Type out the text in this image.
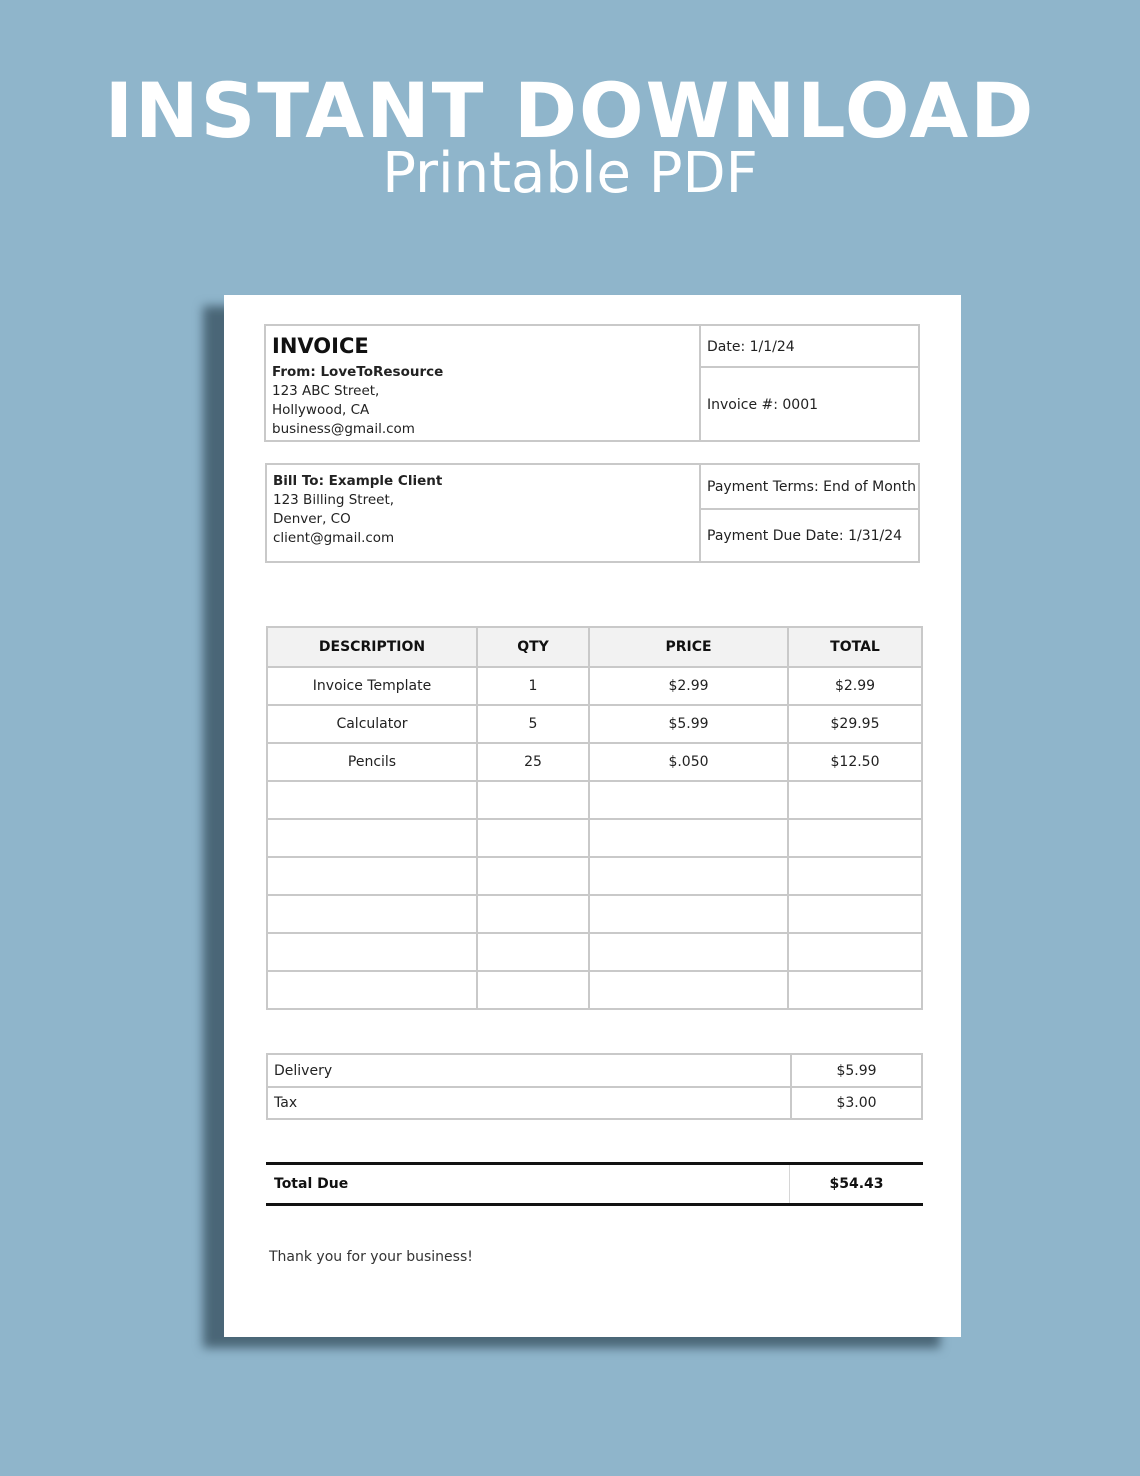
INSTANT DOWNLOAD
Printable PDF
INVOICE
From: LoveToResource
123 ABC Street,
Hollywood, CA
business@gmail.com
Date: 1/1/24
Invoice #: 0001
Bill To: Example Client
123 Billing Street,
Denver, CO
client@gmail.com
Payment Terms: End of Month
Payment Due Date: 1/31/24
DESCRIPTION	QTY	PRICE	TOTAL
Invoice Template	1	$2.99	$2.99
Calculator	5	$5.99	$29.95
Pencils	25	$.050	$12.50

Delivery	$5.99
Tax	$3.00
Total Due	$54.43
Thank you for your business!
